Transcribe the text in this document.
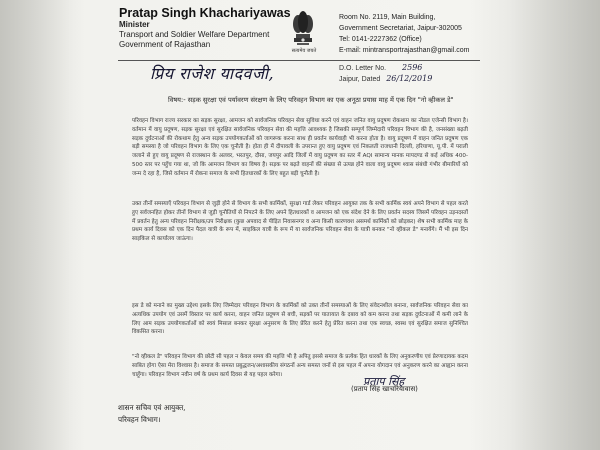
Pratap Singh Khachariyawas
Minister
Transport and Soldier Welfare Department
Government of Rajasthan
सत्यमेव जयते
Room No. 2119, Main Building,
Government Secretariat, Jaipur-302005
Tel: 0141-2227362 (Office)
E-mail: mintransportrajasthan@gmail.com
D.O. Letter No. 2596
Jaipur, Dated 26/12/2019
प्रिय राजेश यादवजी,
विषय:- सड़क सुरक्षा एवं पर्यावरण संरक्षण के लिए परिवहन विभाग का एक अनूठा प्रयास माह में एक दिन "नो व्हीकल डे"
परिवहन विभाग राज्य सरकार का सड़क सुरक्षा, आमजन को सार्वजनिक परिवहन सेवा सुविधा करने एवं वाहन जनित वायु प्रदूषण रोकथाम का नोडल एजेन्सी विभाग है। वर्तमान में वायु प्रदूषण, सड़क सुरक्षा एवं सुरक्षित सार्वजनिक परिवहन सेवा की महत्ति आवश्यक है जिसकी सम्पूर्ण जिम्मेदारी परिवहन विभाग की है, जनसंख्या बढ़ती सड़क दुर्घटनाओं की रोकथाम हेतु अन्य सड़क उपयोगकर्ताओं को जागरूक करना साथ ही प्रवर्तन कार्यवाही भी करना होता है। वायु प्रदूषण में वाहन जनित प्रदूषण एक बड़ी समस्या है जो परिवहन विभाग के लिए एक चुनौती है। होता ही में दीपावली के उपरान्त हुए वायु प्रदूषण एवं निकलती राजधानी दिल्ली, हरियाणा, यू.पी. में पराली जलाने से हुए वायु प्रदूषण से राजस्थान के अलवर, भरतपुर, दौसा, जयपुर आदि जिलों में वायु प्रदूषण का स्तर में AQI सामान्य मानक मापदण्ड से कई अधिक 400-500 स्तर पर पहुँच गया था, जो कि आमजन विभाग का विषय है। सड़क पर बढ़ते वाहनों की संख्या से उत्पन्न होने वाला वायु प्रदूषण श्वास संबंधी गंभीर बीमारियों को जन्म दे रहा है, जिसे वर्तमान में रोकना समाज के सभी हितधारकों के लिए बहुत बड़ी चुनौती है।
उक्त तीनों समस्याएँ परिवहन विभाग से जुड़ी होने से विभाग के सभी कार्मिकों, सुरक्षा गार्ड लेकर परिवहन आयुक्त तक के सभी कार्मिक स्वयं अपने विभाग से पहल करते हुए सर्वजनहित होकर तीनों विभाग से जुड़ी चुनौतियों से निपटने के लिए अपने हितधारकों व आमजन को एक संदेश देने के लिए प्रवर्तन सदस्य जिसमें परिवहन उड़नदस्तों में प्रवर्तन हेतु अन्य परिवहन निरीक्षक/उप निरीक्षक (कुछ अपवाद से पीड़ित निवासनगर व अन्य किसी कारणवश असमर्थ कार्मिकों को छोड़कर) शेष सभी कार्मिक माह के प्रथम कार्य दिवस को एक दिन पैदल यात्री के रूप में, साइकिल यात्री के रूप में या सार्वजनिक परिवहन सेवा के यात्री बनकर "नो व्हीकल डे" मनायेंगे। मैं भी इस दिन साइकिल से कार्यालय जाऊंगा।
इस डे को मनाने का मुख्य उद्देश्य इसके लिए जिम्मेदार परिवहन विभाग के कार्मिकों को उक्त तीनों समस्याओं के लिए संवेदनशील बनाना, सार्वजनिक परिवहन सेवा का अत्यधिक उपयोग एवं उसमें विस्तार पर कार्य करना, वाहन जनित प्रदूषण से बची, सड़कों पर यातायात के दबाव को कम करना तथा सड़क दुर्घटनाओं में कमी लाने के लिए आम सड़क उपयोगकर्ताओं को स्वयं मिसाल बनकर सुरक्षा अनुसरण के लिए प्रेरित करने हेतु प्रेरित करना तथा एक स्वच्छ, स्वस्थ एवं सुरक्षित समाज सुनिश्चित विकसित करना।
"नो व्हीकल डे" परिवहन विभाग की छोटी सी पहल न केवल समय की महत्ति भी है अपितु इससे समाज के प्रत्येक हित धारकों के लिए अनुकरणीय एवं प्रेरणादायक कदम साबित होगा ऐसा मेरा विश्वास है। समाज के समस्त प्रबुद्धजन/अशासकीय संगठनों अन्य समस्त जनों से इस पहल में अपना योगदान एवं अनुकरण करने का आह्वान करना चाहूँगा। परिवहन विभाग नवीन वर्ष के प्रथम कार्य दिवस से यह पहल करेगा।
प्रताप सिंह
(प्रताप सिंह खाचरियावास)
शासन सचिव एवं आयुक्त,
परिवहन विभाग।
